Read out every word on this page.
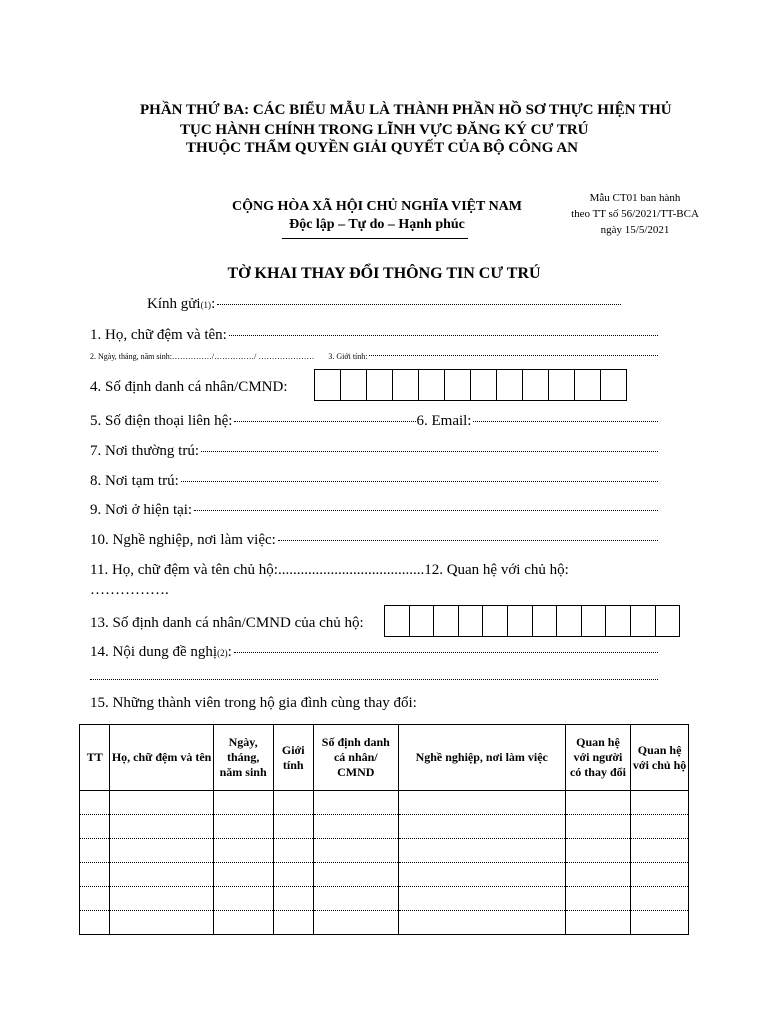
PHẦN THỨ BA: CÁC BIỂU MẪU LÀ THÀNH PHẦN HỒ SƠ THỰC HIỆN THỦ
TỤC HÀNH CHÍNH TRONG LĨNH VỰC ĐĂNG KÝ CƯ TRÚ
THUỘC THẨM QUYỀN GIẢI QUYẾT CỦA BỘ CÔNG AN
CỘNG HÒA XÃ HỘI CHỦ NGHĨA VIỆT NAM
Độc lập – Tự do – Hạnh phúc
Mẫu CT01 ban hành
theo TT số 56/2021/TT-BCA
ngày 15/5/2021
TỜ KHAI THAY ĐỔI THÔNG TIN CƯ TRÚ
Kính gửi (1) :
1. Họ, chữ đệm và tên:
2. Ngày, tháng, năm sinh:……………/……………/ ………………… 3. Giới tính:
4. Số định danh cá nhân/CMND:
5. Số điện thoại liên hệ:	6. Email:
7. Nơi thường trú:
8. Nơi tạm trú:
9. Nơi ở hiện tại:
10. Nghề nghiệp, nơi làm việc:
11. Họ, chữ đệm và tên chủ hộ:.......................................12. Quan hệ với chủ hộ:
…………….
13. Số định danh cá nhân/CMND của chủ hộ:
14. Nội dung đề nghị (2) :
15. Những thành viên trong hộ gia đình cùng thay đổi:
TT	Họ, chữ đệm và tên	Ngày, tháng, năm sinh	Giới tính	Số định danh cá nhân/ CMND	Nghề nghiệp, nơi làm việc	Quan hệ với người có thay đổi	Quan hệ với chủ hộ
